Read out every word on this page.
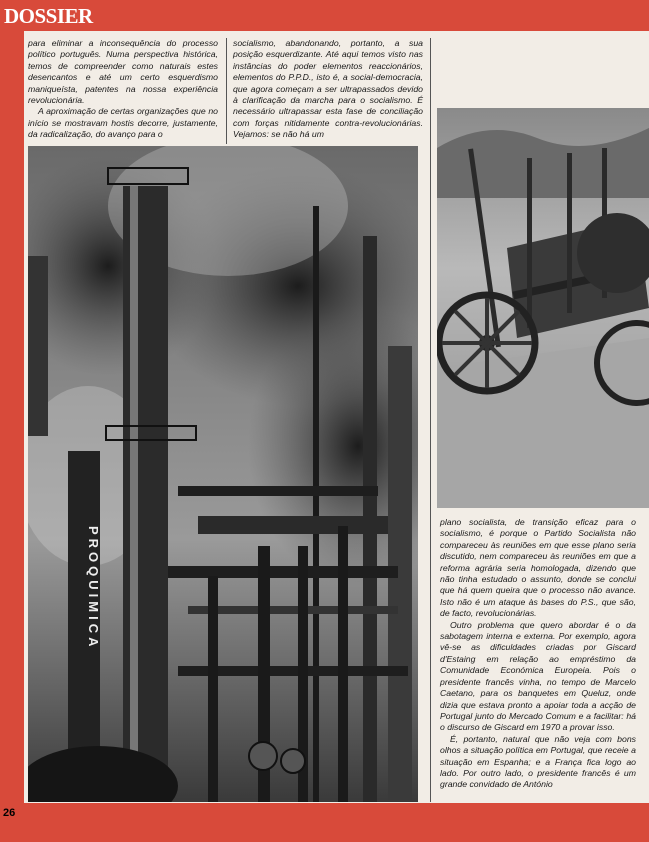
DOSSIER

para eliminar a inconsequência do processo político português. Numa perspectiva histórica, temos de compreender como naturais estes desencantos e até um certo esquerdismo maniqueísta, patentes na nossa experiência revolucionária.

A aproximação de certas organizações que no início se mostravam hostis decorre, justamente, da radicalização, do avanço para o

socialismo, abandonando, portanto, a sua posição esquerdizante. Até aqui temos visto nas instâncias do poder elementos reaccionários, elementos do P.P.D., isto é, a social-democracia, que agora começam a ser ultrapassados devido à clarificação da marcha para o socialismo. É necessário ultrapassar esta fase de conciliação com forças nitidamente contra-revolucionárias. Vejamos: se não há um

PROQUIMICA

plano socialista, de transição eficaz para o socialismo, é porque o Partido Socialista não compareceu às reuniões em que esse plano seria discutido, nem compareceu às reuniões em que a reforma agrária seria homologada, dizendo que não tinha estudado o assunto, donde se conclui que há quem queira que o processo não avance. Isto não é um ataque às bases do P.S., que são, de facto, revolucionárias.

Outro problema que quero abordar é o da sabotagem interna e externa. Por exemplo, agora vê-se as dificuldades criadas por Giscard d'Estaing em relação ao empréstimo da Comunidade Económica Europeia. Pois o presidente francês vinha, no tempo de Marcelo Caetano, para os banquetes em Queluz, onde dizia que estava pronto a apoiar toda a acção de Portugal junto do Mercado Comum e a facilitar: há o discurso de Giscard em 1970 a provar isso.

É, portanto, natural que não veja com bons olhos a situação política em Portugal, que receie a situação em Espanha; e a França fica logo ao lado. Por outro lado, o presidente francês é um grande convidado de António

26
